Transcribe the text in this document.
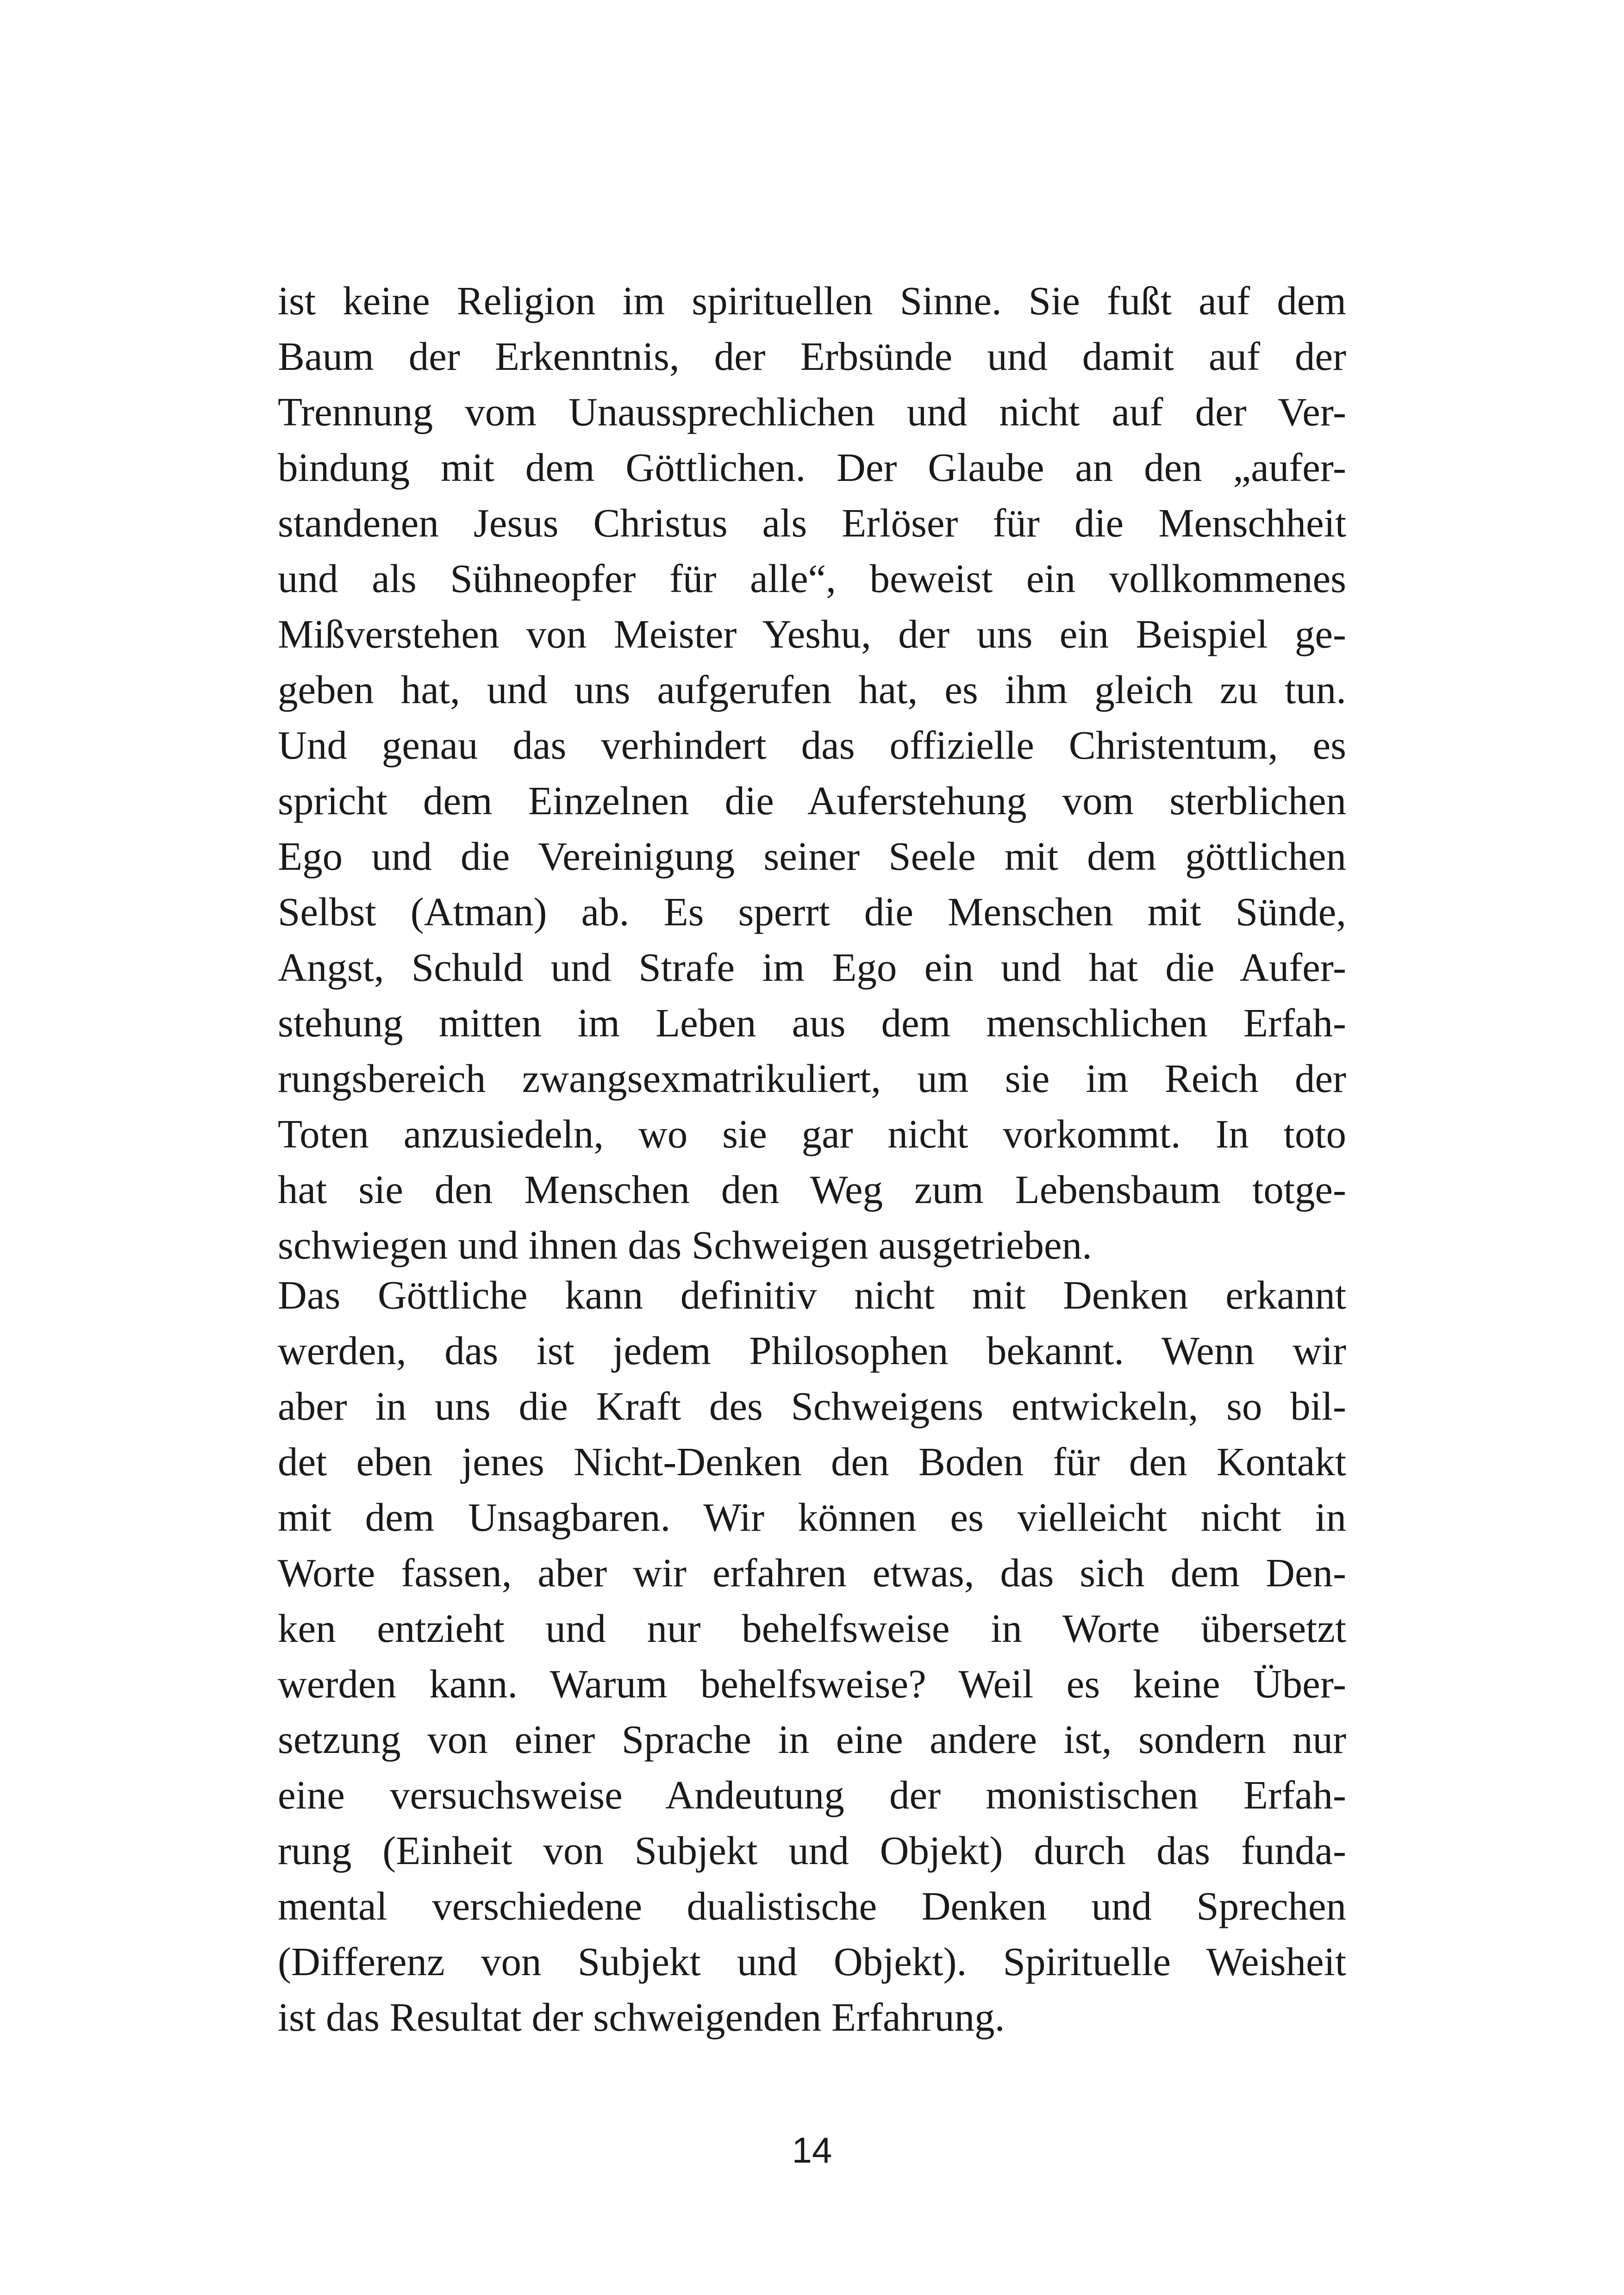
ist keine Religion im spirituellen Sinne. Sie fußt auf dem
Baum der Erkenntnis, der Erbsünde und damit auf der
Trennung vom Unaussprechlichen und nicht auf der Ver-
bindung mit dem Göttlichen. Der Glaube an den „aufer-
standenen Jesus Christus als Erlöser für die Menschheit
und als Sühneopfer für alle“, beweist ein vollkommenes
Mißverstehen von Meister Yeshu, der uns ein Beispiel ge-
geben hat, und uns aufgerufen hat, es ihm gleich zu tun.
Und genau das verhindert das offizielle Christentum, es
spricht dem Einzelnen die Auferstehung vom sterblichen
Ego und die Vereinigung seiner Seele mit dem göttlichen
Selbst (Atman) ab. Es sperrt die Menschen mit Sünde,
Angst, Schuld und Strafe im Ego ein und hat die Aufer-
stehung mitten im Leben aus dem menschlichen Erfah-
rungsbereich zwangsexmatrikuliert, um sie im Reich der
Toten anzusiedeln, wo sie gar nicht vorkommt. In toto
hat sie den Menschen den Weg zum Lebensbaum totge-
schwiegen und ihnen das Schweigen ausgetrieben.
Das Göttliche kann definitiv nicht mit Denken erkannt
werden, das ist jedem Philosophen bekannt. Wenn wir
aber in uns die Kraft des Schweigens entwickeln, so bil-
det eben jenes Nicht-Denken den Boden für den Kontakt
mit dem Unsagbaren. Wir können es vielleicht nicht in
Worte fassen, aber wir erfahren etwas, das sich dem Den-
ken entzieht und nur behelfsweise in Worte übersetzt
werden kann. Warum behelfsweise? Weil es keine Über-
setzung von einer Sprache in eine andere ist, sondern nur
eine versuchsweise Andeutung der monistischen Erfah-
rung (Einheit von Subjekt und Objekt) durch das funda-
mental verschiedene dualistische Denken und Sprechen
(Differenz von Subjekt und Objekt). Spirituelle Weisheit
ist das Resultat der schweigenden Erfahrung.
14
